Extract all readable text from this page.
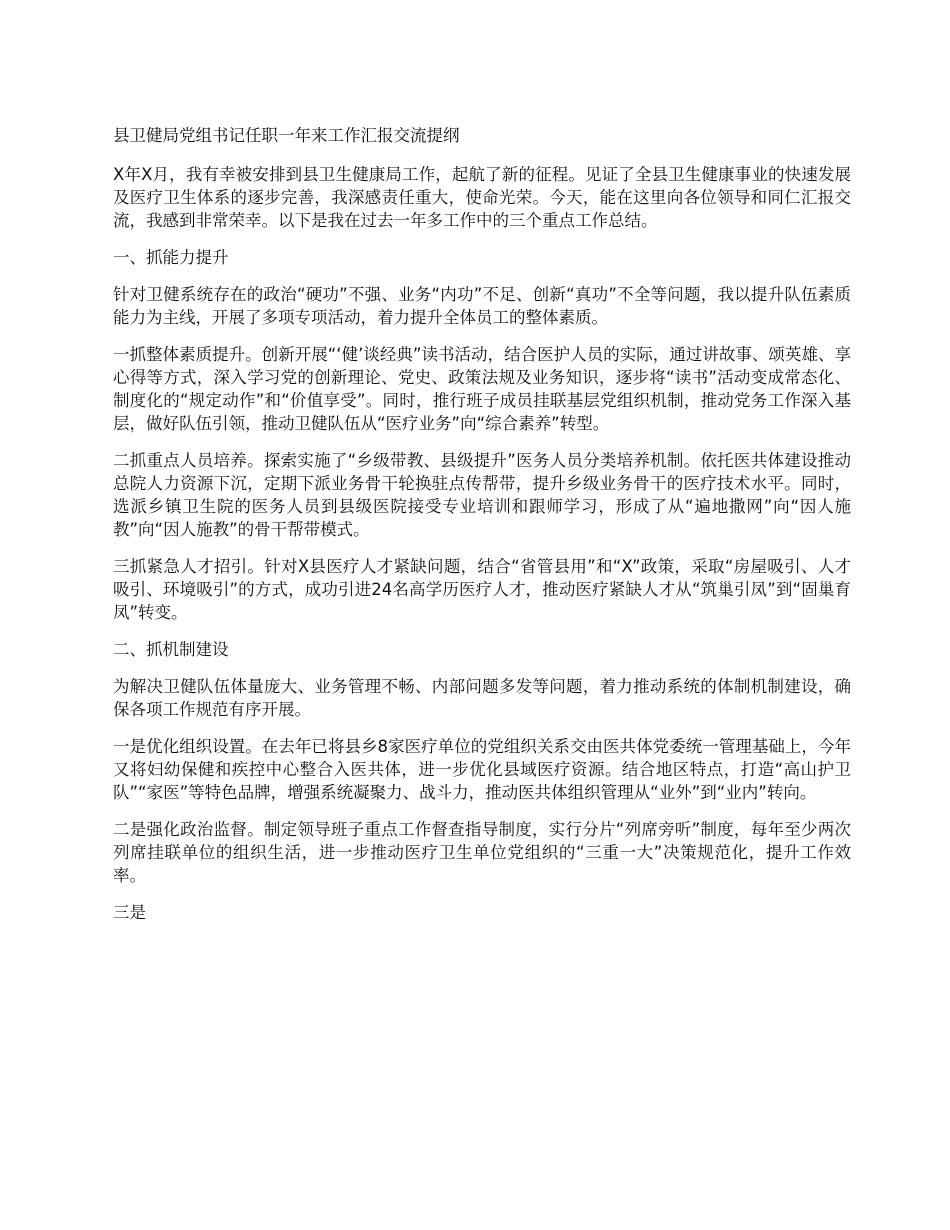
县卫健局党组书记任职一年来工作汇报交流提纲

X年X月，我有幸被安排到县卫生健康局工作，起航了新的征程。见证了全县卫生健康事业的快速发展及医疗卫生体系的逐步完善，我深感责任重大，使命光荣。今天，能在这里向各位领导和同仁汇报交流，我感到非常荣幸。以下是我在过去一年多工作中的三个重点工作总结。

一、抓能力提升

针对卫健系统存在的政治“硬功”不强、业务“内功”不足、创新“真功”不全等问题，我以提升队伍素质能力为主线，开展了多项专项活动，着力提升全体员工的整体素质。

一抓整体素质提升。创新开展“‘健’谈经典”读书活动，结合医护人员的实际，通过讲故事、颂英雄、享心得等方式，深入学习党的创新理论、党史、政策法规及业务知识，逐步将“读书”活动变成常态化、制度化的“规定动作”和“价值享受”。同时，推行班子成员挂联基层党组织机制，推动党务工作深入基层，做好队伍引领，推动卫健队伍从“医疗业务”向“综合素养”转型。

二抓重点人员培养。探索实施了“乡级带教、县级提升”医务人员分类培养机制。依托医共体建设推动总院人力资源下沉，定期下派业务骨干轮换驻点传帮带，提升乡级业务骨干的医疗技术水平。同时，选派乡镇卫生院的医务人员到县级医院接受专业培训和跟师学习，形成了从“遍地撒网”向“因人施教”向“因人施教”的骨干帮带模式。

三抓紧急人才招引。针对X县医疗人才紧缺问题，结合“省管县用”和“X”政策，采取“房屋吸引、人才吸引、环境吸引”的方式，成功引进24名高学历医疗人才，推动医疗紧缺人才从“筑巢引凤”到“固巢育凤”转变。

二、抓机制建设

为解决卫健队伍体量庞大、业务管理不畅、内部问题多发等问题，着力推动系统的体制机制建设，确保各项工作规范有序开展。

一是优化组织设置。在去年已将县乡8家医疗单位的党组织关系交由医共体党委统一管理基础上，今年又将妇幼保健和疾控中心整合入医共体，进一步优化县域医疗资源。结合地区特点，打造“高山护卫队”“家医”等特色品牌，增强系统凝聚力、战斗力，推动医共体组织管理从“业外”到“业内”转向。

二是强化政治监督。制定领导班子重点工作督查指导制度，实行分片“列席旁听”制度，每年至少两次列席挂联单位的组织生活，进一步推动医疗卫生单位党组织的“三重一大”决策规范化，提升工作效率。

三是
